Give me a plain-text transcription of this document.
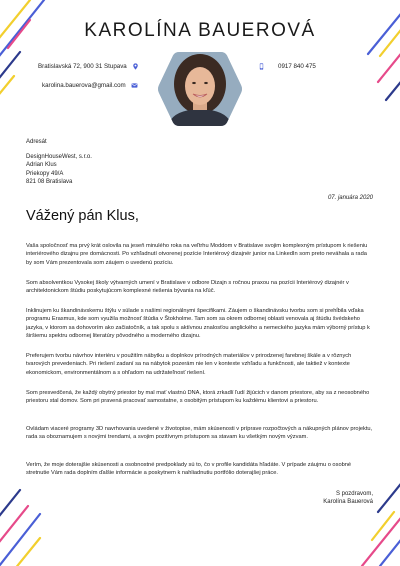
KAROLÍNA BAUEROVÁ
Bratislavská 72, 900 31 Stupava
karolina.bauerova@gmail.com
0917 840 475
Adresát
DesignHouseWest, s.r.o.
Adrian Klus
Priekopy 49/A
821 08 Bratislava
07. januára 2020
Vážený pán Klus,
Vaša spoločnosť ma prvý krát oslovila na jeseň minulého roka na veľtrhu Moddom v Bratislave svojim komplexným prístupom k riešeniu interiérového dizajnu pre domácnosti. Po vzhľadnutí otvorenej pozície Interiérový dizajnér junior na LinkedIn som preto neváhala a rada by som Vám prezentovala som záujem o uvedenú pozíciu.
Som absolventkou Vysokej školy výtvarných umení v Bratislave v odbore Dizajn s ročnou praxou na pozícii Interiérový dizajnér v architektonickom štúdiu poskytujúcom komplexné riešenia bývania na kľúč.
Inklinujem ku škandinávskemu štýlu v súlade s našimi regionálnymi špecifikami. Záujem o škandinávsku tvorbu som si prehĺbila vďaka programu Erasmus, kde som využila možnosť štúdia v Štokholme. Tam som sa okrem odbornej oblasti venovala aj štúdiu švédskeho jazyka, v ktorom sa dohovorím ako začiatočník, a tak spolu s aktívnou znalosťou anglického a nemeckého jazyka mám výborný prístup k širšiemu spektru odbornej literatúry pôvodného a moderného dizajnu.
Preferujem tvorbu návrhov interiéru v použitím nábytku a doplnkov prírodných materiálov v prirodzenej farebnej škále a v rôznych tvarových prevedeniach. Pri riešení zadaní sa na nábytok pozerám nie len v kontexte vzhľadu a funkčnosti, ale taktiež v kontexte ekonomickom, environmentálnom a s ohľadom na udržateľnosť riešení.
Som presvedčená, že každý obytný priestor by mal mať vlastnú DNA, ktorá zrkadlí ľudí žijúcich v danom priestore, aby sa z neosobného priestoru stal domov. Som pri pravená pracovať samostatne, s osobitým prístupom ku každému klientovi a priestoru.
Ovládam viaceré programy 3D navrhovania uvedené v životopise, mám skúsenosti v príprave rozpočtových a nákupných plánov projektu, rada sa oboznamujem s novými trendami, a svojim pozitívnym prístupom sa stavam ku všetkým novým výzvam.
Verím, že moje doterajšie skúsenosti a osobnostné predpoklady sú to, čo v profile kandidáta hľadáte. V prípade záujmu o osobné stretnutie Vám rada doplním ďalšie informácie a poskytnem k nahliadnutiu portfólio doterajšej práce.
S pozdravom,
Karolína Bauerová
